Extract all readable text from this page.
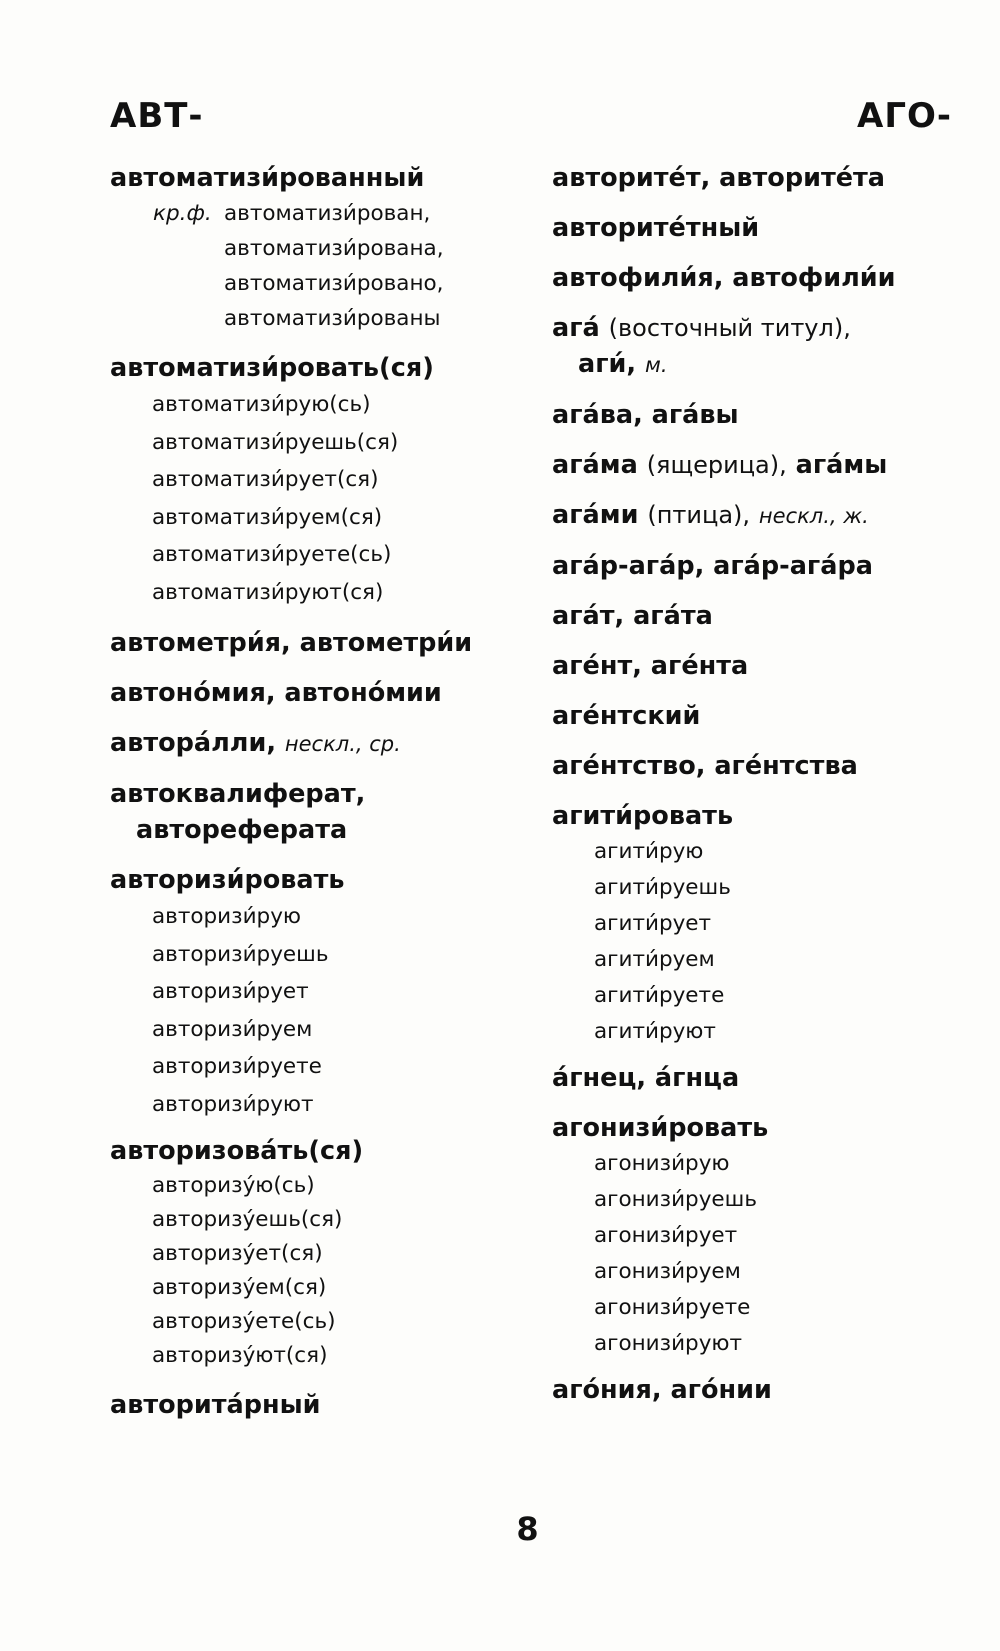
АВТ-	АГО-
автоматизи́рованный
кр.ф. автоматизи́рован,
автоматизи́рована,
автоматизи́ровано,
автоматизи́рованы
автоматизи́ровать(ся)
автоматизи́рую(сь)
автоматизи́руешь(ся)
автоматизи́рует(ся)
автоматизи́руем(ся)
автоматизи́руете(сь)
автоматизи́руют(ся)
автометри́я, автометри́и
автоно́мия, автоно́мии
автора́лли, нескл., ср.
автоквалиферат,
автореферата
авторизи́ровать
авторизи́рую
авторизи́руешь
авторизи́рует
авторизи́руем
авторизи́руете
авторизи́руют
авторизова́ть(ся)
авторизу́ю(сь)
авторизу́ешь(ся)
авторизу́ет(ся)
авторизу́ем(ся)
авторизу́ете(сь)
авторизу́ют(ся)
авторита́рный
авторите́т, авторите́та
авторите́тный
автофили́я, автофили́и
ага́ (восточный титул),
аги́, м.
ага́ва, ага́вы
ага́ма (ящерица), ага́мы
ага́ми (птица), нескл., ж.
ага́р-ага́р, ага́р-ага́ра
ага́т, ага́та
аге́нт, аге́нта
аге́нтский
аге́нтство, аге́нтства
агити́ровать
агити́рую
агити́руешь
агити́рует
агити́руем
агити́руете
агити́руют
а́гнец, а́гнца
агонизи́ровать
агонизи́рую
агонизи́руешь
агонизи́рует
агонизи́руем
агонизи́руете
агонизи́руют
аго́ния, аго́нии
8
